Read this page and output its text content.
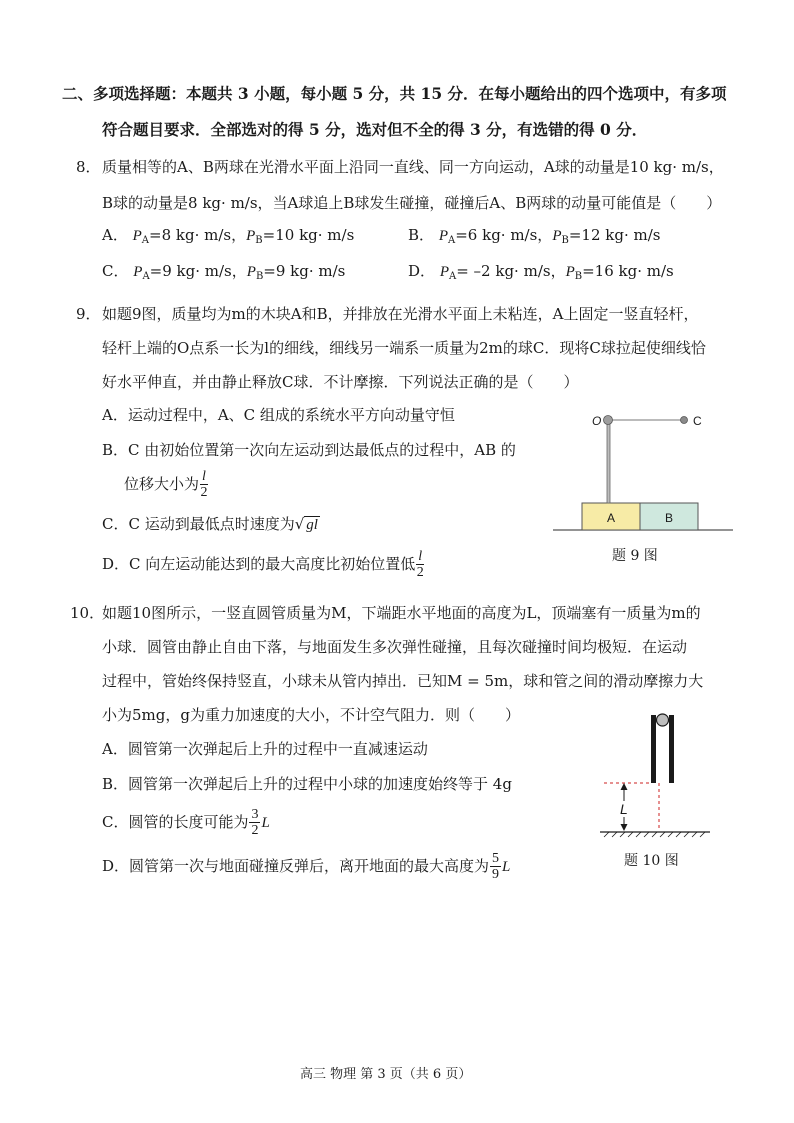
二、多项选择题：本题共 3 小题，每小题 5 分，共 15 分．在每小题给出的四个选项中，有多项
符合题目要求．全部选对的得 5 分，选对但不全的得 3 分，有选错的得 0 分．
8． 质量相等的A、B两球在光滑水平面上沿同一直线、同一方向运动，A球的动量是10 kg· m/s，
B球的动量是8 kg· m/s，当A球追上B球发生碰撞，碰撞后A、B两球的动量可能值是（　　）
A． $P_A=8$ kg· m/s，$P_B=10$ kg· m/s	B． $P_A=6$ kg· m/s，$P_B=12$ kg· m/s
C． $P_A=9$ kg· m/s，$P_B=9$ kg· m/s	D． $P_A= -2$ kg· m/s，$P_B=16$ kg· m/s
9． 如题9图，质量均为m的木块A和B，并排放在光滑水平面上未粘连，A上固定一竖直轻杆，
轻杆上端的O点系一长为l的细线，细线另一端系一质量为2m的球C．现将C球拉起使细线恰
好水平伸直，并由静止释放C球．不计摩擦．下列说法正确的是（　　）
A．运动过程中，A、C 组成的系统水平方向动量守恒
B．C 由初始位置第一次向左运动到达最低点的过程中，AB 的
位移大小为 $\frac{l}{2}$
C．C 运动到最低点时速度为√ gl
D．C 向左运动能达到的最大高度比初始位置低 $\frac{l}{2}$
A	B
O	C
题 9 图
10．
如题10图所示，一竖直圆管质量为M，下端距水平地面的高度为L，顶端塞有一质量为m的
小球．圆管由静止自由下落，与地面发生多次弹性碰撞，且每次碰撞时间均极短．在运动
过程中，管始终保持竖直，小球未从管内掉出．已知M = 5m，球和管之间的滑动摩擦力大
小为5mg，g为重力加速度的大小，不计空气阻力．则（　　）
A．圆管第一次弹起后上升的过程中一直减速运动
B．圆管第一次弹起后上升的过程中小球的加速度始终等于 4g
C．圆管的长度可能为 $\frac{3}{2}$ L
D．圆管第一次与地面碰撞反弹后，离开地面的最大高度为 $\frac{5}{9}$ L
L
题 10 图
高三 物理 第 3 页（共 6 页）
